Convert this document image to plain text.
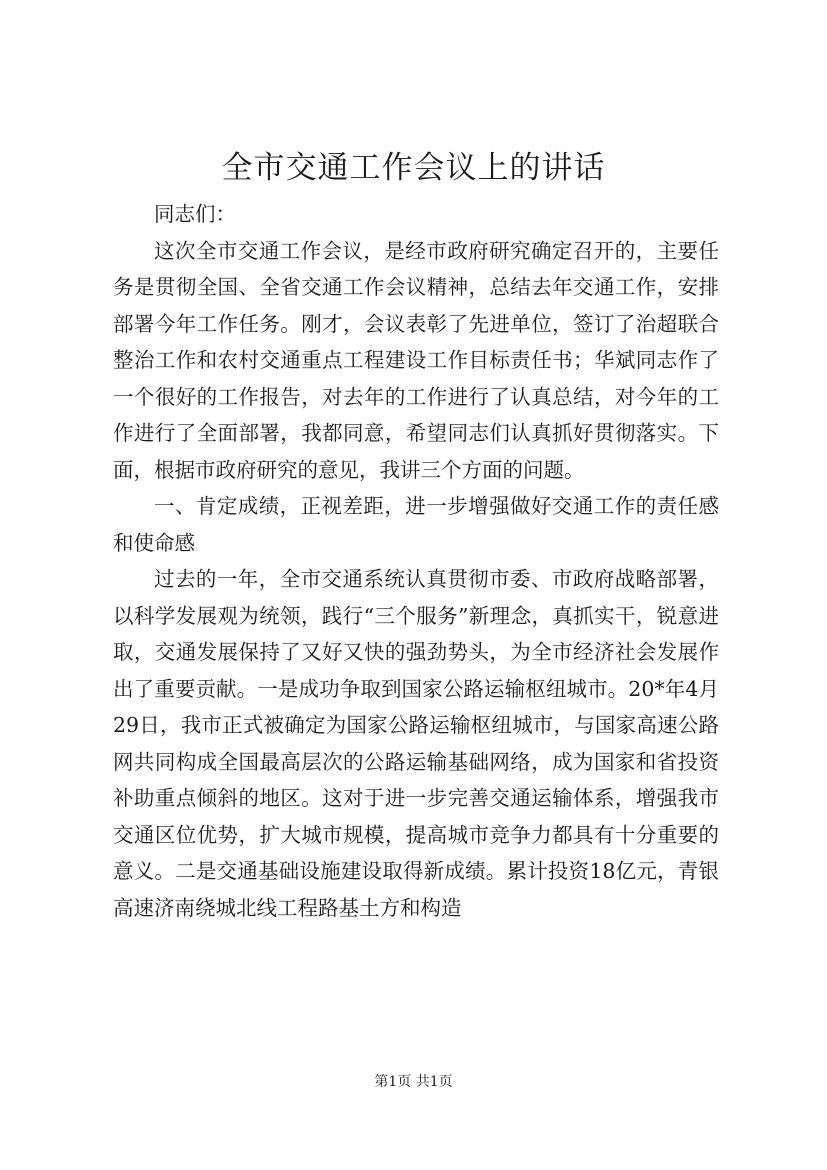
全市交通工作会议上的讲话

同志们：

这次全市交通工作会议，是经市政府研究确定召开的，主要任务是贯彻全国、全省交通工作会议精神，总结去年交通工作，安排部署今年工作任务。刚才，会议表彰了先进单位，签订了治超联合整治工作和农村交通重点工程建设工作目标责任书；华斌同志作了一个很好的工作报告，对去年的工作进行了认真总结，对今年的工作进行了全面部署，我都同意，希望同志们认真抓好贯彻落实。下面，根据市政府研究的意见，我讲三个方面的问题。

一、肯定成绩，正视差距，进一步增强做好交通工作的责任感和使命感

过去的一年，全市交通系统认真贯彻市委、市政府战略部署，以科学发展观为统领，践行“三个服务”新理念，真抓实干，锐意进取，交通发展保持了又好又快的强劲势头，为全市经济社会发展作出了重要贡献。一是成功争取到国家公路运输枢纽城市。20*年4月29日，我市正式被确定为国家公路运输枢纽城市，与国家高速公路网共同构成全国最高层次的公路运输基础网络，成为国家和省投资补助重点倾斜的地区。这对于进一步完善交通运输体系，增强我市交通区位优势，扩大城市规模，提高城市竞争力都具有十分重要的意义。二是交通基础设施建设取得新成绩。累计投资18亿元，青银高速济南绕城北线工程路基土方和构造

第1页 共1页
